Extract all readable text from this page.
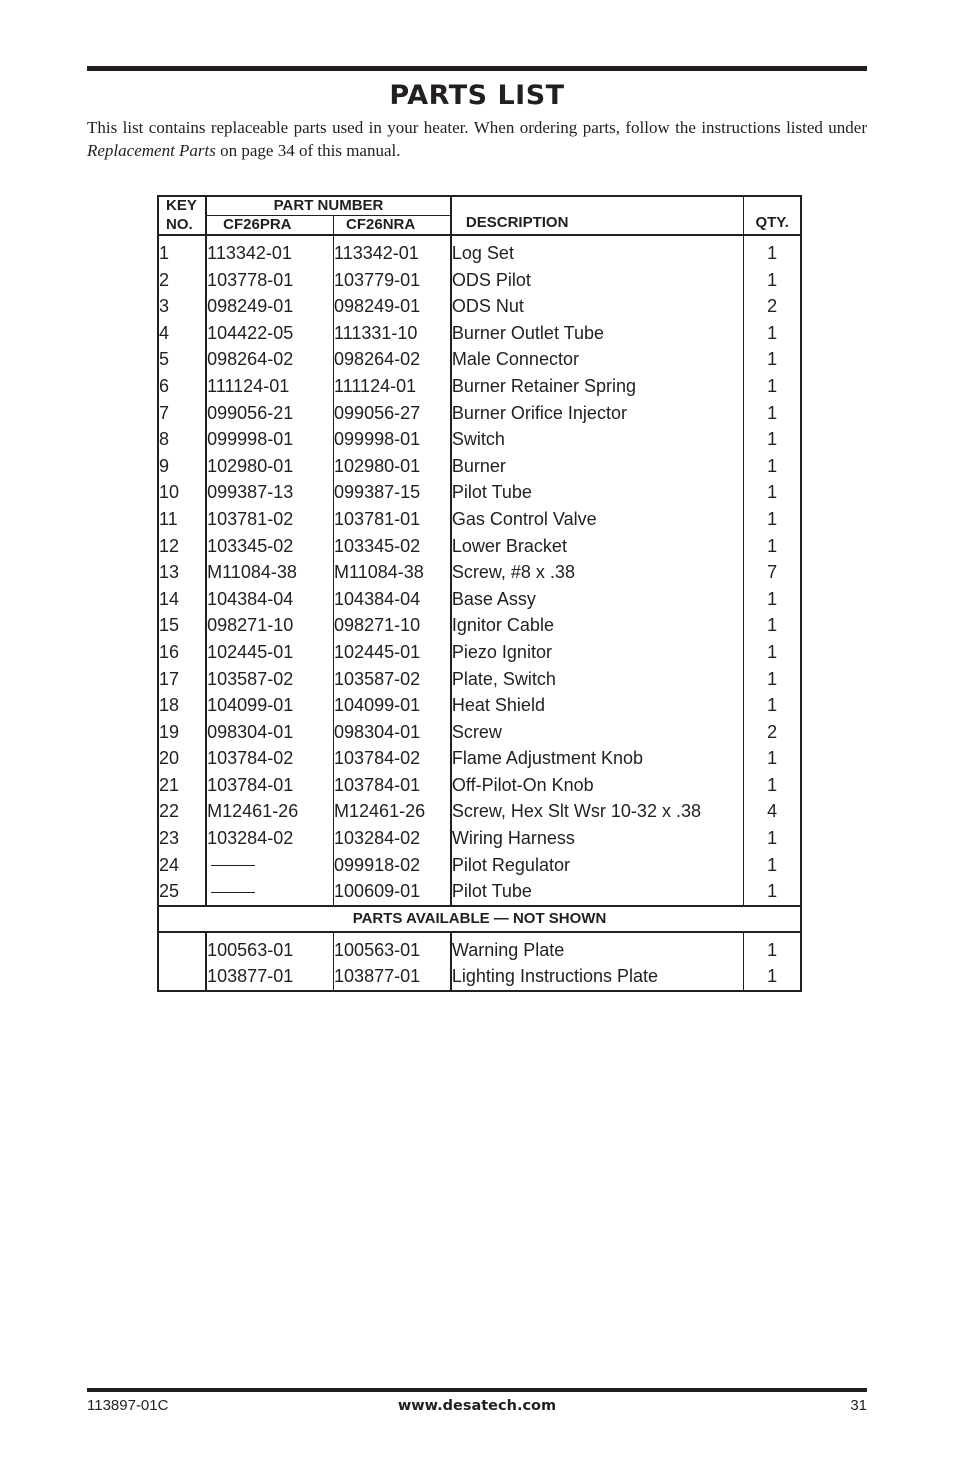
PARTS LIST

This list contains replaceable parts used in your heater. When ordering parts, follow the instructions listed under Replacement Parts on page 34 of this manual.

KEY	PART NUMBER		DESCRIPTION	QTY.
NO.	CF26PRA	CF26NRA		
1	113342-01	113342-01	Log Set	1
2	103778-01	103779-01	ODS Pilot	1
3	098249-01	098249-01	ODS Nut	2
4	104422-05	111331-10	Burner Outlet Tube	1
5	098264-02	098264-02	Male Connector	1
6	111124-01	111124-01	Burner Retainer Spring	1
7	099056-21	099056-27	Burner Orifice Injector	1
8	099998-01	099998-01	Switch	1
9	102980-01	102980-01	Burner	1
10	099387-13	099387-15	Pilot Tube	1
11	103781-02	103781-01	Gas Control Valve	1
12	103345-02	103345-02	Lower Bracket	1
13	M11084-38	M11084-38	Screw, #8 x .38	7
14	104384-04	104384-04	Base Assy	1
15	098271-10	098271-10	Ignitor Cable	1
16	102445-01	102445-01	Piezo Ignitor	1
17	103587-02	103587-02	Plate, Switch	1
18	104099-01	104099-01	Heat Shield	1
19	098304-01	098304-01	Screw	2
20	103784-02	103784-02	Flame Adjustment Knob	1
21	103784-01	103784-01	Off-Pilot-On Knob	1
22	M12461-26	M12461-26	Screw, Hex Slt Wsr 10-32 x .38	4
23	103284-02	103284-02	Wiring Harness	1
24		099918-02	Pilot Regulator	1
25		100609-01	Pilot Tube	1
PARTS AVAILABLE — NOT SHOWN				
	100563-01	100563-01	Warning Plate	1
	103877-01	103877-01	Lighting Instructions Plate	1
113897-01C	www.desatech.com	31
